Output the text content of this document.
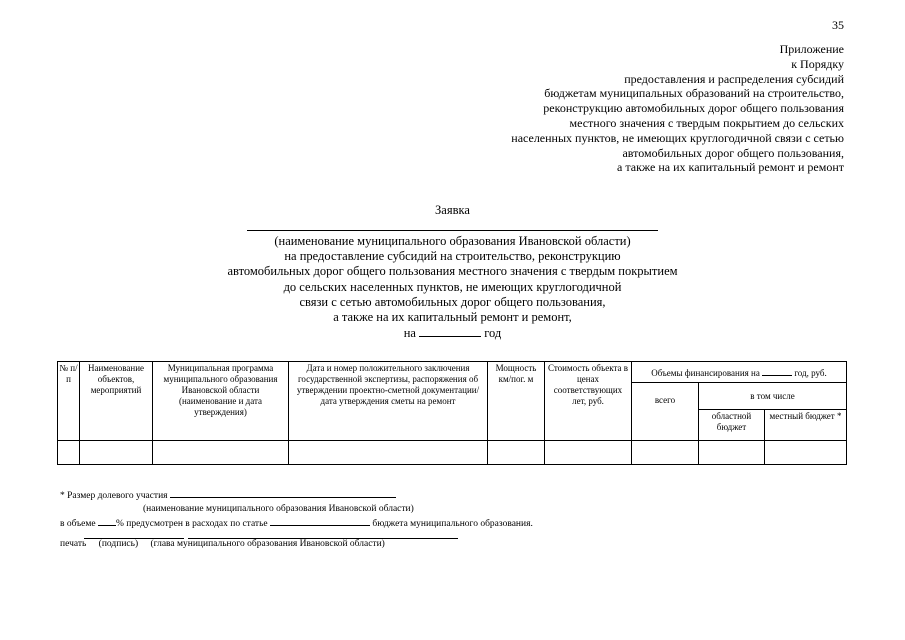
35
Приложение
к Порядку
предоставления и распределения субсидий
бюджетам муниципальных образований на строительство,
реконструкцию автомобильных дорог общего пользования
местного значения с твердым покрытием до сельских
населенных пунктов, не имеющих круглогодичной связи с сетью
автомобильных дорог общего пользования,
а также на их капитальный ремонт и ремонт
Заявка
(наименование муниципального образования Ивановской области)
на предоставление субсидий на строительство, реконструкцию
автомобильных дорог общего пользования местного значения с твердым покрытием
до сельских населенных пунктов, не имеющих круглогодичной
связи с сетью автомобильных дорог общего пользования,
а также на их капитальный ремонт и ремонт,
на	год
№ п/п	Наименование объектов, мероприятий	Муниципальная программа муниципального образования Ивановской области (наименование и дата утверждения)	Дата и номер положительного заключения государственной экспертизы, распоряжения об утверждении проектно-сметной документации/дата утверждения сметы на ремонт	Мощность км/пог. м	Стоимость объекта в ценах соответствующих лет, руб.	Объемы финансирования на год, руб.		

						всего	в том числе	
							областной бюджет	местный бюджет *

* Размер долевого участия
(наименование муниципального образования Ивановской области)
в объеме % предусмотрен в расходах по статье	бюджета муниципального образования.

печать (подпись) (глава муниципального образования Ивановской области)
